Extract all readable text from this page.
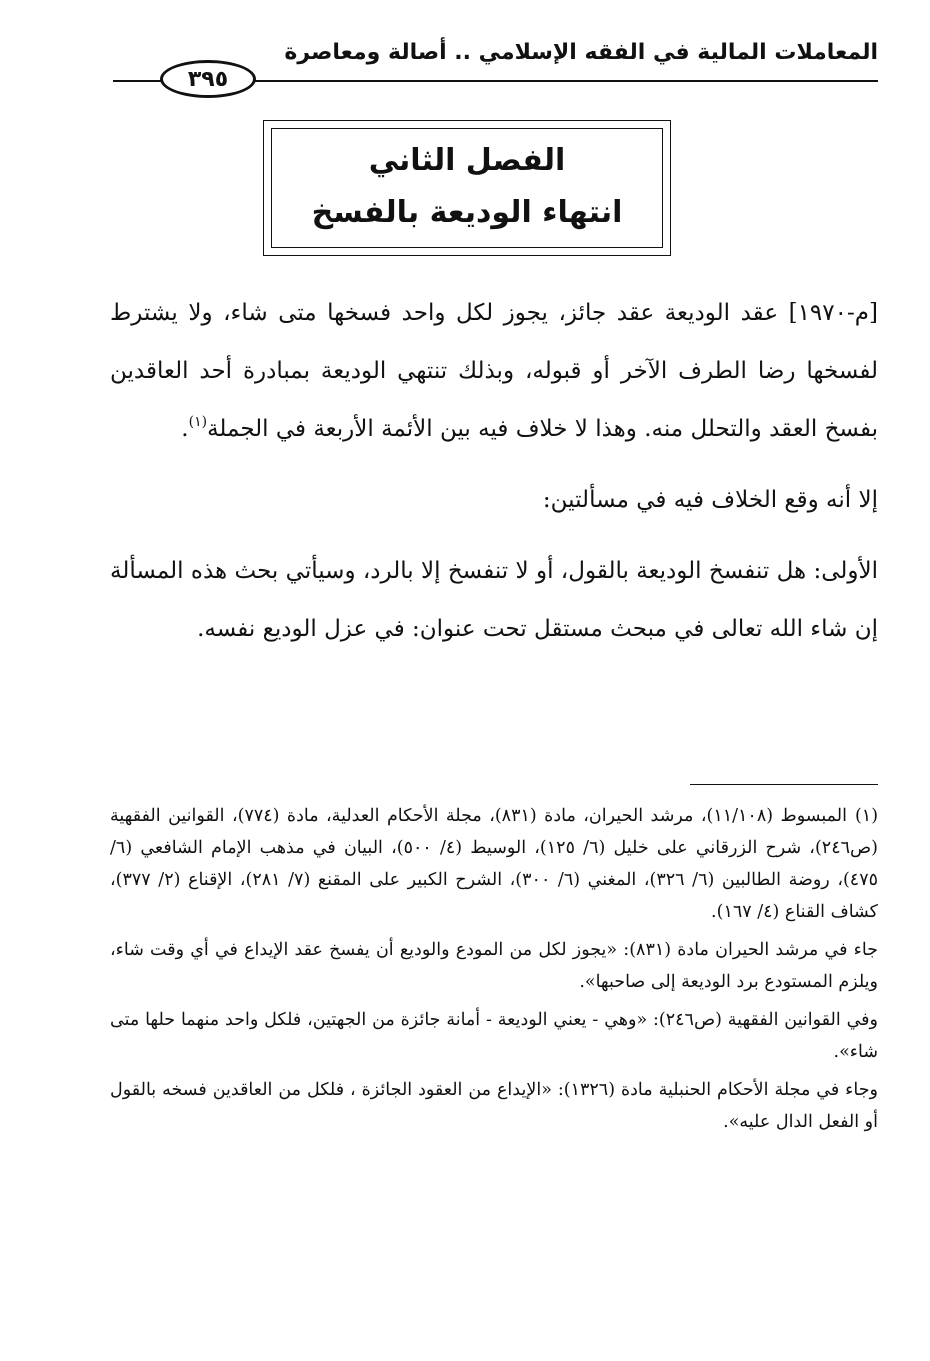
المعاملات المالية في الفقه الإسلامي .. أصالة ومعاصرة
٣٩٥
الفصل الثاني
انتهاء الوديعة بالفسخ

[م-١٩٧٠] عقد الوديعة عقد جائز، يجوز لكل واحد فسخها متى شاء، ولا يشترط لفسخها رضا الطرف الآخر أو قبوله، وبذلك تنتهي الوديعة بمبادرة أحد العاقدين بفسخ العقد والتحلل منه. وهذا لا خلاف فيه بين الأئمة الأربعة في الجملة$^{(١)}$.

إلا أنه وقع الخلاف فيه في مسألتين:

الأولى: هل تنفسخ الوديعة بالقول، أو لا تنفسخ إلا بالرد، وسيأتي بحث هذه المسألة إن شاء الله تعالى في مبحث مستقل تحت عنوان: في عزل الوديع نفسه.

(١)المبسوط (١١/١٠٨)، مرشد الحيران، مادة (٨٣١)، مجلة الأحكام العدلية، مادة (٧٧٤)، القوانين الفقهية (ص٢٤٦)، شرح الزرقاني على خليل (٦/ ١٢٥)، الوسيط (٤/ ٥٠٠)، البيان في مذهب الإمام الشافعي (٦/ ٤٧٥)، روضة الطالبين (٦/ ٣٢٦)، المغني (٦/ ٣٠٠)، الشرح الكبير على المقنع (٧/ ٢٨١)، الإقناع (٢/ ٣٧٧)، كشاف القناع (٤/ ١٦٧).

جاء في مرشد الحيران مادة (٨٣١): «يجوز لكل من المودع والوديع أن يفسخ عقد الإيداع في أي وقت شاء، ويلزم المستودع برد الوديعة إلى صاحبها».

وفي القوانين الفقهية (ص٢٤٦): «وهي - يعني الوديعة - أمانة جائزة من الجهتين، فلكل واحد منهما حلها متى شاء».

وجاء في مجلة الأحكام الحنبلية مادة (١٣٢٦): «الإيداع من العقود الجائزة ، فلكل من العاقدين فسخه بالقول أو الفعل الدال عليه».
